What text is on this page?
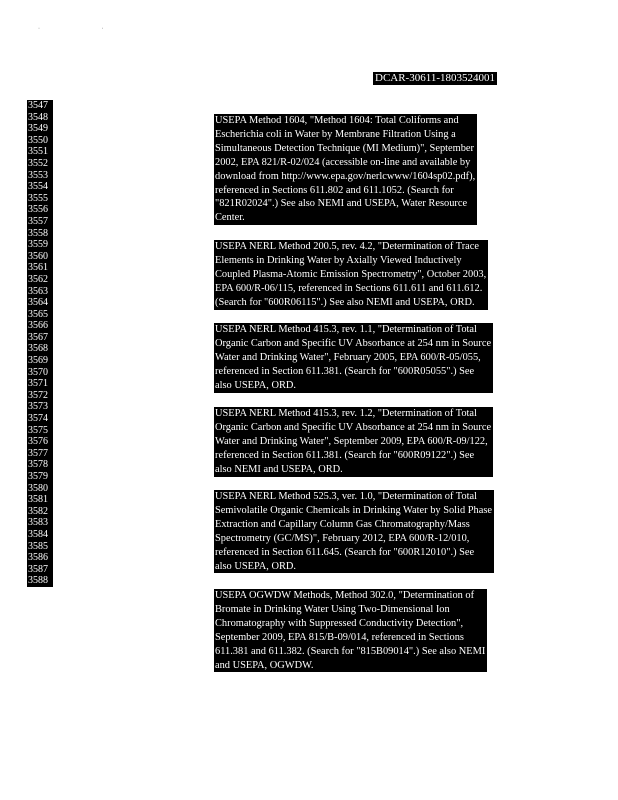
· ·
DCAR-30611-1803524001
3547
3548
3549
3550
3551
3552
3553
3554
3555
3556
3557
3558
3559
3560
3561
3562
3563
3564
3565
3566
3567
3568
3569
3570
3571
3572
3573
3574
3575
3576
3577
3578
3579
3580
3581
3582
3583
3584
3585
3586
3587
3588
USEPA Method 1604, "Method 1604: Total Coliforms and
Escherichia coli in Water by Membrane Filtration Using a
Simultaneous Detection Technique (MI Medium)", September
2002, EPA 821/R-02/024 (accessible on-line and available by
download from http://www.epa.gov/nerlcwww/1604sp02.pdf),
referenced in Sections 611.802 and 611.1052. (Search for
"821R02024".) See also NEMI and USEPA, Water Resource
Center.
USEPA NERL Method 200.5, rev. 4.2, "Determination of Trace
Elements in Drinking Water by Axially Viewed Inductively
Coupled Plasma-Atomic Emission Spectrometry", October 2003,
EPA 600/R-06/115, referenced in Sections 611.611 and 611.612.
(Search for "600R06115".) See also NEMI and USEPA, ORD.
USEPA NERL Method 415.3, rev. 1.1, "Determination of Total
Organic Carbon and Specific UV Absorbance at 254 nm in Source
Water and Drinking Water", February 2005, EPA 600/R-05/055,
referenced in Section 611.381. (Search for "600R05055".) See
also USEPA, ORD.
USEPA NERL Method 415.3, rev. 1.2, "Determination of Total
Organic Carbon and Specific UV Absorbance at 254 nm in Source
Water and Drinking Water", September 2009, EPA 600/R-09/122,
referenced in Section 611.381. (Search for "600R09122".) See
also NEMI and USEPA, ORD.
USEPA NERL Method 525.3, ver. 1.0, "Determination of Total
Semivolatile Organic Chemicals in Drinking Water by Solid Phase
Extraction and Capillary Column Gas Chromatography/Mass
Spectrometry (GC/MS)", February 2012, EPA 600/R-12/010,
referenced in Section 611.645. (Search for "600R12010".) See
also USEPA, ORD.
USEPA OGWDW Methods, Method 302.0, "Determination of
Bromate in Drinking Water Using Two-Dimensional Ion
Chromatography with Suppressed Conductivity Detection",
September 2009, EPA 815/B-09/014, referenced in Sections
611.381 and 611.382. (Search for "815B09014".) See also NEMI
and USEPA, OGWDW.
